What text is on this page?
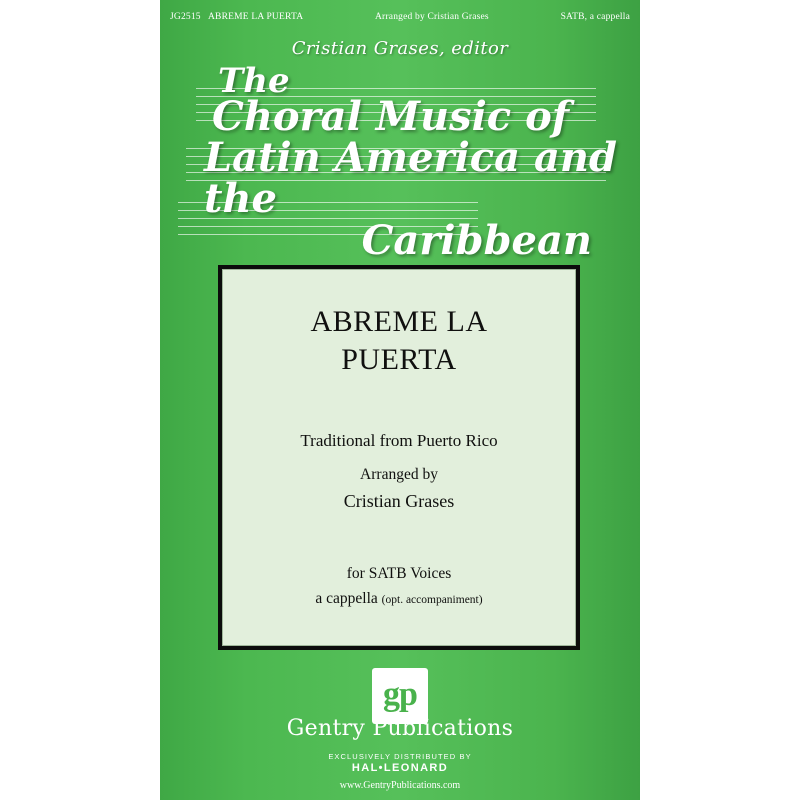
JG2515 ABREME LA PUERTA	Arranged by Cristian Grases	SATB, a cappella
Cristian Grases, editor
The
Choral Music of
Latin America and the
Caribbean
ABREME LA
PUERTA
Traditional from Puerto Rico
Arranged by
Cristian Grases
for SATB Voices
a cappella (opt. accompaniment)
gp
Gentry Publications
EXCLUSIVELY DISTRIBUTED BY
HAL•LEONARD
www.GentryPublications.com
